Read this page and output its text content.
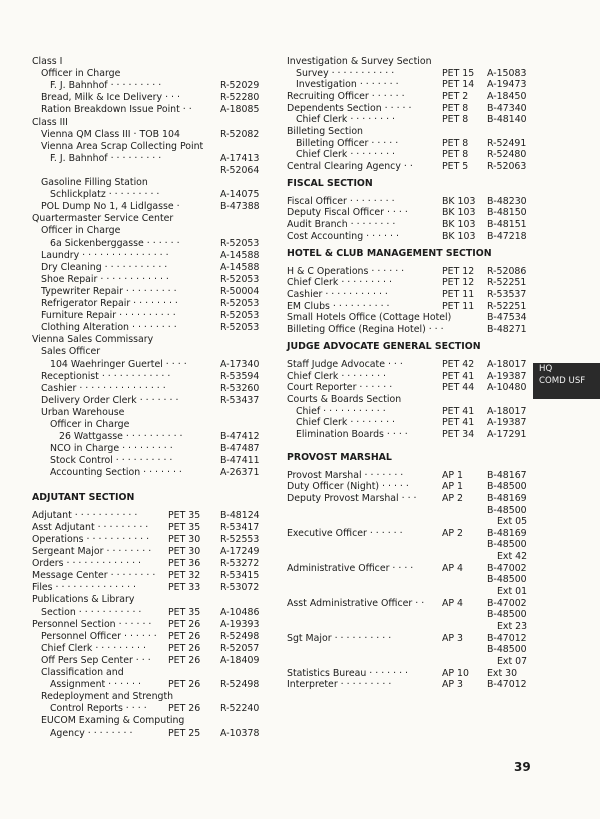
Class I
Officer in Charge
F. J. Bahnhof · · · · · · · · ·	R-52029
Bread, Milk & Ice Delivery · · ·	R-52280
Ration Breakdown Issue Point · ·	A-18085
Class III
Vienna QM Class III · TOB 104	R-52082
Vienna Area Scrap Collecting Point
F. J. Bahnhof · · · · · · · · ·	A-17413
R-52064
Gasoline Filling Station
Schlickplatz · · · · · · · · ·	A-14075
POL Dump No 1, 4 Lidlgasse ·	B-47388
Quartermaster Service Center
Officer in Charge
6a Sickenberggasse · · · · · ·	R-52053
Laundry · · · · · · · · · · · · · · ·	A-14588
Dry Cleaning · · · · · · · · · · ·	A-14588
Shoe Repair · · · · · · · · · · · ·	R-52053
Typewriter Repair · · · · · · · · ·	R-50004
Refrigerator Repair · · · · · · · ·	R-52053
Furniture Repair · · · · · · · · · ·	R-52053
Clothing Alteration · · · · · · · ·	R-52053
Vienna Sales Commissary
Sales Officer
104 Waehringer Guertel · · · ·	A-17340
Receptionist · · · · · · · · · · · ·	R-53594
Cashier · · · · · · · · · · · · · · ·	R-53260
Delivery Order Clerk · · · · · · ·	R-53437
Urban Warehouse
Officer in Charge
26 Wattgasse · · · · · · · · · ·	B-47412
NCO in Charge · · · · · · · · ·	B-47487
Stock Control · · · · · · · · · ·	B-47411
Accounting Section · · · · · · ·	A-26371
ADJUTANT SECTION
Adjutant · · · · · · · · · · ·	PET 35 B-48124
Asst Adjutant · · · · · · · · · PET 35 R-53417
Operations · · · · · · · · · · · PET 30 R-52553
Sergeant Major · · · · · · · · PET 30 A-17249
Orders · · · · · · · · · · · · ·	PET 36 R-53272
Message Center · · · · · · · · PET 32 R-53415
Files · · · · · · · · · · · · · ·	PET 33 R-53072
Publications & Library
Section · · · · · · · · · · ·	PET 35 A-10486
Personnel Section · · · · · · PET 26 A-19393
Personnel Officer · · · · · · PET 26 R-52498
Chief Clerk · · · · · · · · · PET 26 R-52057
Off Pers Sep Center · · · PET 26 A-18409
Classification and
Assignment · · · · · ·	PET 26 R-52498
Redeployment and Strength
Control Reports · · · · PET 26 R-52240
EUCOM Examing & Computing
Agency · · · · · · · ·	PET 25 A-10378
Investigation & Survey Section
Survey · · · · · · · · · · ·	PET 15 A-15083
Investigation · · · · · · ·	PET 14 A-19473
Recruiting Officer · · · · · ·	PET 2 A-18450
Dependents Section · · · · ·	PET 8 B-47340
Chief Clerk · · · · · · · ·	PET 8 B-48140
Billeting Section
Billeting Officer · · · · ·	PET 8 R-52491
Chief Clerk · · · · · · · ·	PET 8 R-52480
Central Clearing Agency · ·	PET 5 R-52063
FISCAL SECTION
Fiscal Officer · · · · · · · ·	BK 103 B-48230
Deputy Fiscal Officer · · · ·	BK 103 B-48150
Audit Branch · · · · · · · ·	BK 103 B-48151
Cost Accounting · · · · · ·	BK 103 B-47218
HOTEL & CLUB MANAGEMENT SECTION
H & C Operations · · · · · ·	PET 12 R-52086
Chief Clerk · · · · · · · · ·	PET 12 R-52251
Cashier · · · · · · · · · · ·	PET 11 R-53537
EM Clubs · · · · · · · · · ·	PET 11 R-52251
Small Hotels Office (Cottage Hotel)	B-47534
Billeting Office (Regina Hotel) · · ·	B-48271
JUDGE ADVOCATE GENERAL SECTION
Staff Judge Advocate · · ·	PET 42 A-18017
Chief Clerk · · · · · · · ·	PET 41 A-19387
Court Reporter · · · · · ·	PET 44 A-10480
Courts & Boards Section
Chief · · · · · · · · · · ·	PET 41 A-18017
Chief Clerk · · · · · · · ·	PET 41 A-19387
Elimination Boards · · · ·	PET 34 A-17291
PROVOST MARSHAL
Provost Marshal · · · · · · ·	AP 1	B-48167
Duty Officer (Night) · · · · ·	AP 1	B-48500
Deputy Provost Marshal · · ·	AP 2	B-48169
B-48500
Ext 05
Executive Officer · · · · · ·	AP 2	B-48169
B-48500
Ext 42
Administrative Officer · · · ·	AP 4	B-47002
B-48500
Ext 01
Asst Administrative Officer · · AP 4	B-47002
B-48500
Ext 23
Sgt Major · · · · · · · · · ·	AP 3	B-47012
B-48500
Ext 07
Statistics Bureau · · · · · · ·	AP 10 Ext 30
Interpreter · · · · · · · · ·	AP 3	B-47012
HQ
COMD USF
39
